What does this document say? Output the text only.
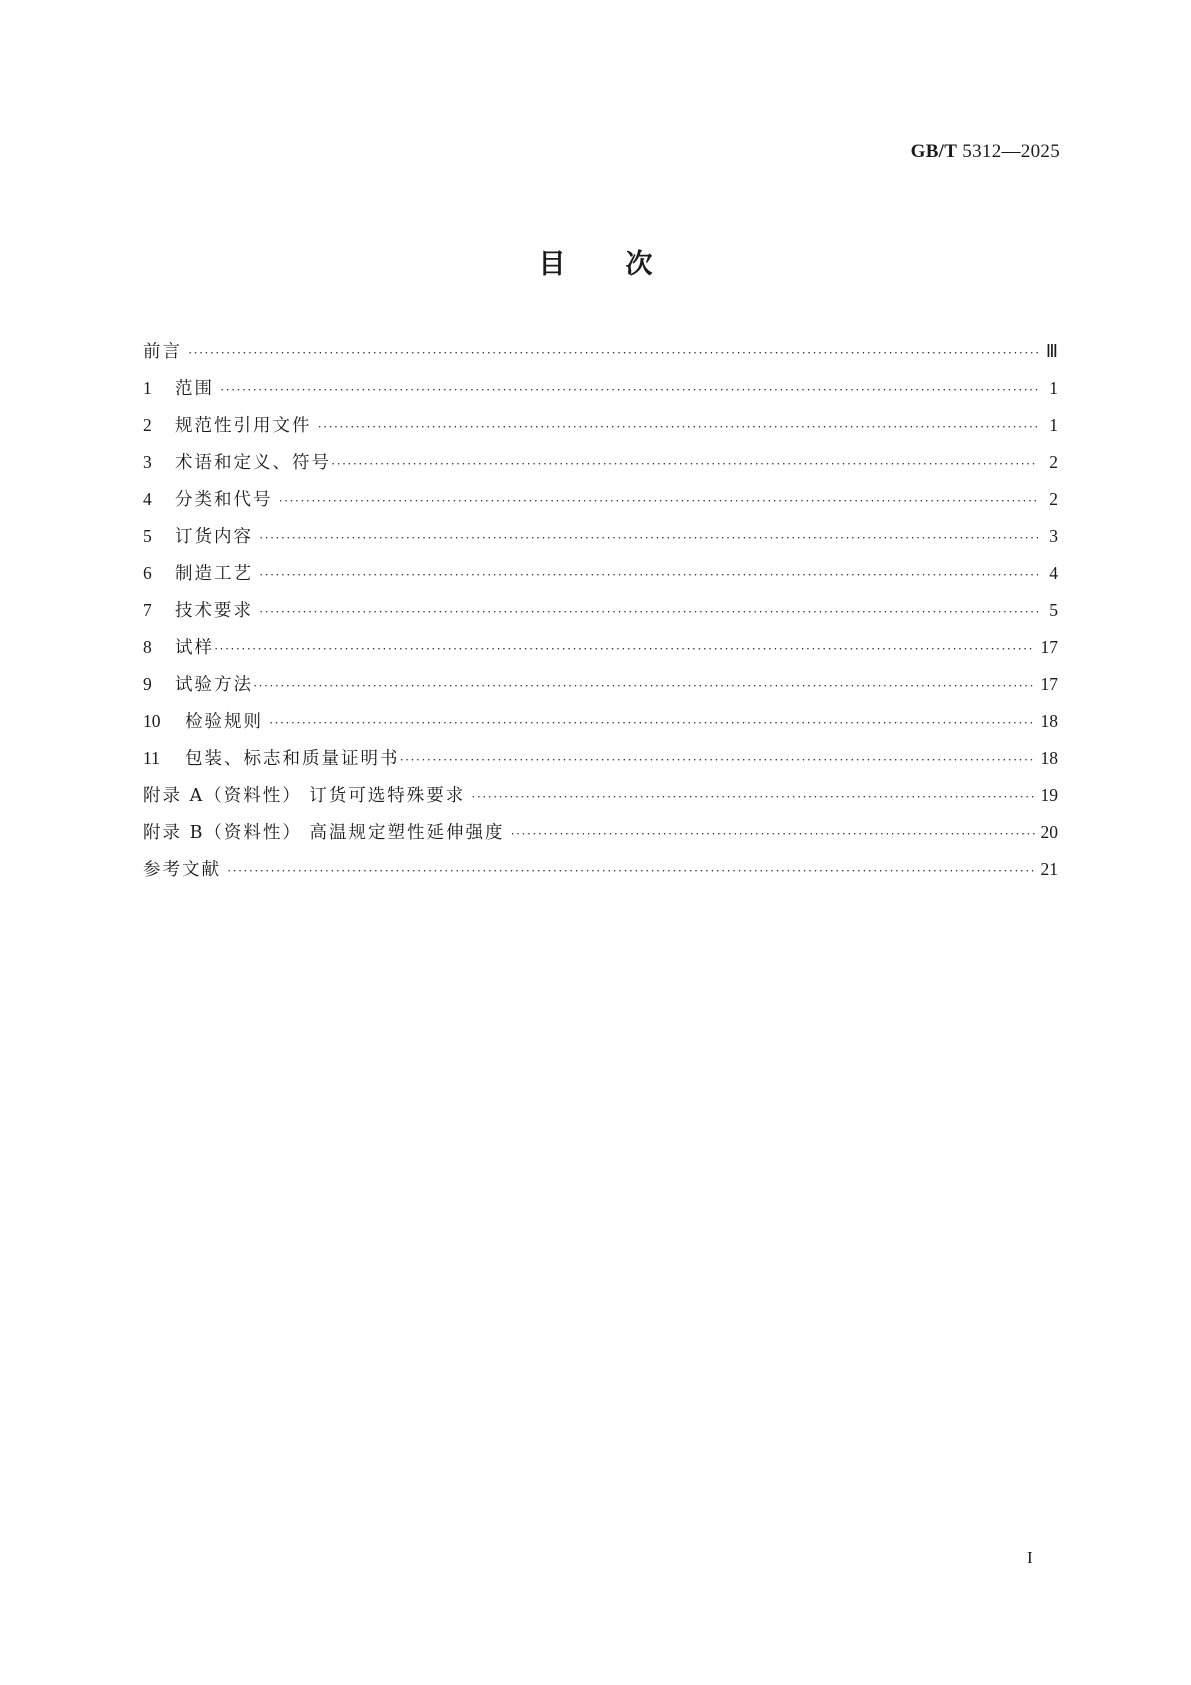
GB/T 5312—2025
目次
前言 ·····	Ⅲ
1	范围 ·····	1
2	规范性引用文件 ·····	1
3	术语和定义、符号 ·····	2
4	分类和代号 ·····	2
5	订货内容 ·····	3
6	制造工艺 ·····	4
7	技术要求 ·····	5
8	试样 ·····	17
9	试验方法 ·····	17
10	检验规则 ·····	18
11	包装、标志和质量证明书 ·····	18
附录 A（资料性） 订货可选特殊要求 ·····	19
附录 B（资料性） 高温规定塑性延伸强度 ·····	20
参考文献 ·····	21
I
